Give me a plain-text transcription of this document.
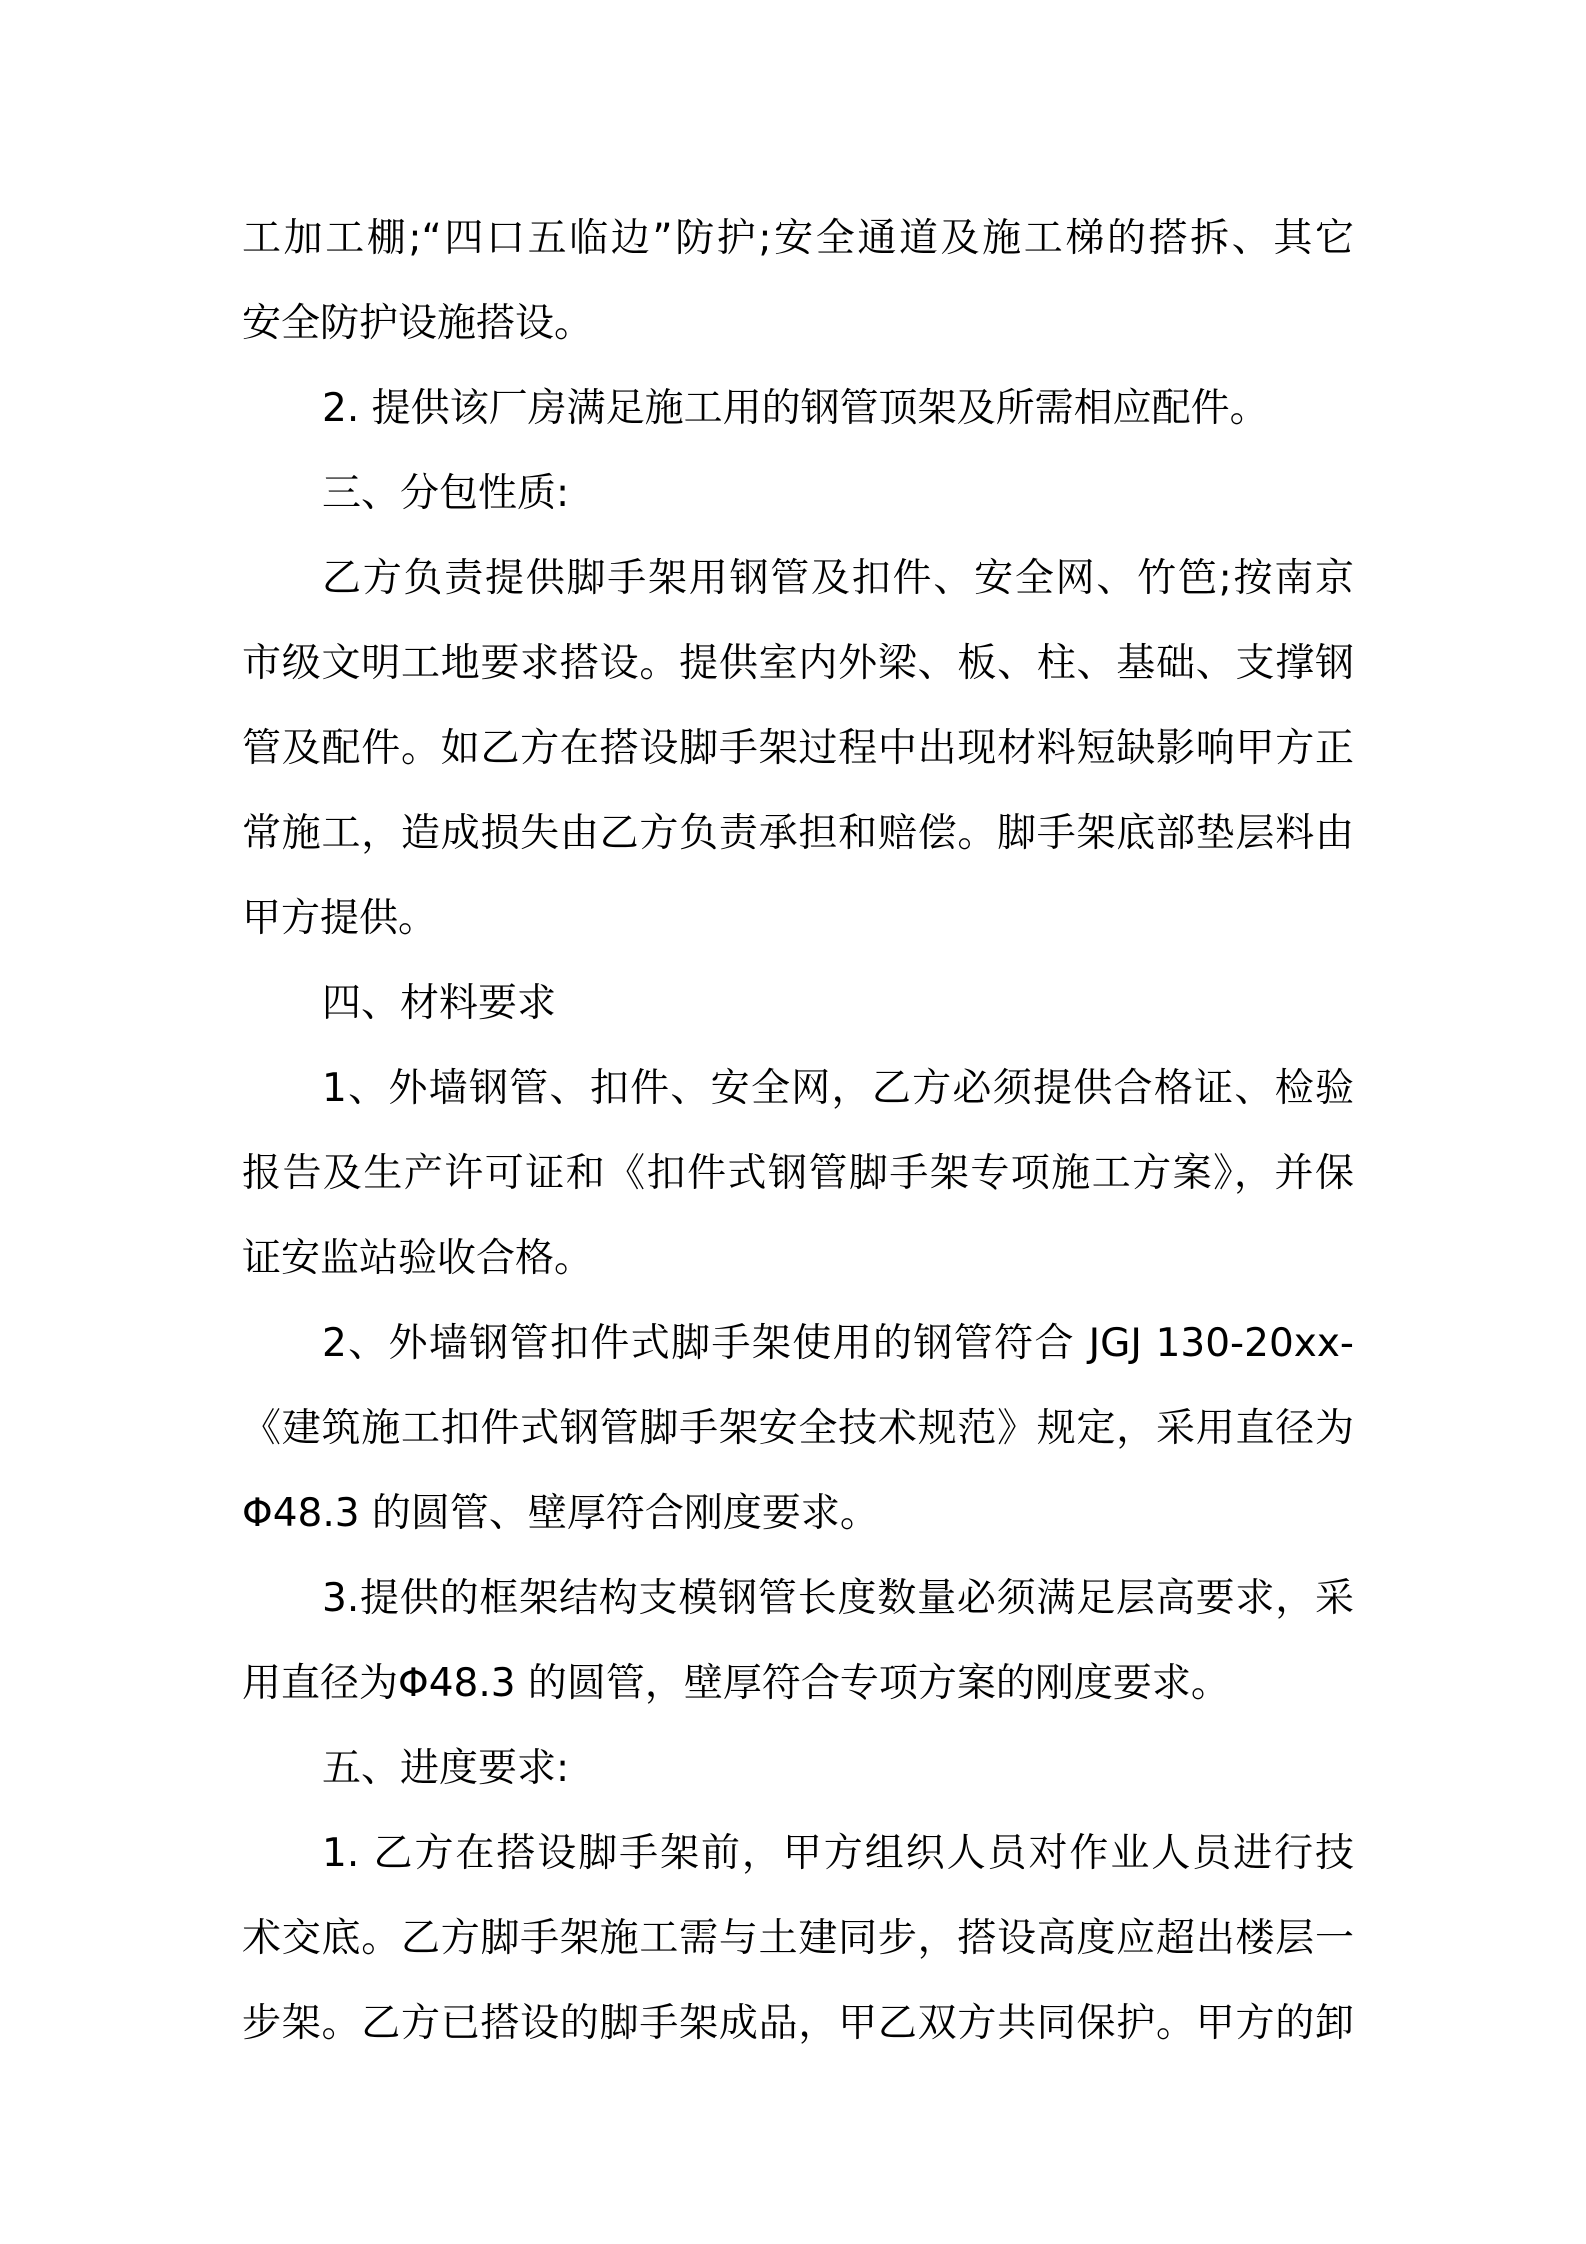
工加工棚;“四口五临边”防护;安全通道及施工梯的搭拆、其它
安全防护设施搭设。
2. 提供该厂房满足施工用的钢管顶架及所需相应配件。
三、分包性质:
乙方负责提供脚手架用钢管及扣件、安全网、竹笆;按南京
市级文明工地要求搭设。提供室内外梁、板、柱、基础、支撑钢
管及配件。如乙方在搭设脚手架过程中出现材料短缺影响甲方正
常施工，造成损失由乙方负责承担和赔偿。脚手架底部垫层料由
甲方提供。
四、材料要求
1、外墙钢管、扣件、安全网，乙方必须提供合格证、检验
报告及生产许可证和《扣件式钢管脚手架专项施工方案》，并保
证安监站验收合格。
2、外墙钢管扣件式脚手架使用的钢管符合 JGJ 130-20xx-
《建筑施工扣件式钢管脚手架安全技术规范》规定，采用直径为
Φ48.3 的圆管、壁厚符合刚度要求。
3.提供的框架结构支模钢管长度数量必须满足层高要求，采
用直径为Φ48.3 的圆管，壁厚符合专项方案的刚度要求。
五、进度要求:
1. 乙方在搭设脚手架前，甲方组织人员对作业人员进行技
术交底。乙方脚手架施工需与土建同步，搭设高度应超出楼层一
步架。乙方已搭设的脚手架成品，甲乙双方共同保护。甲方的卸
